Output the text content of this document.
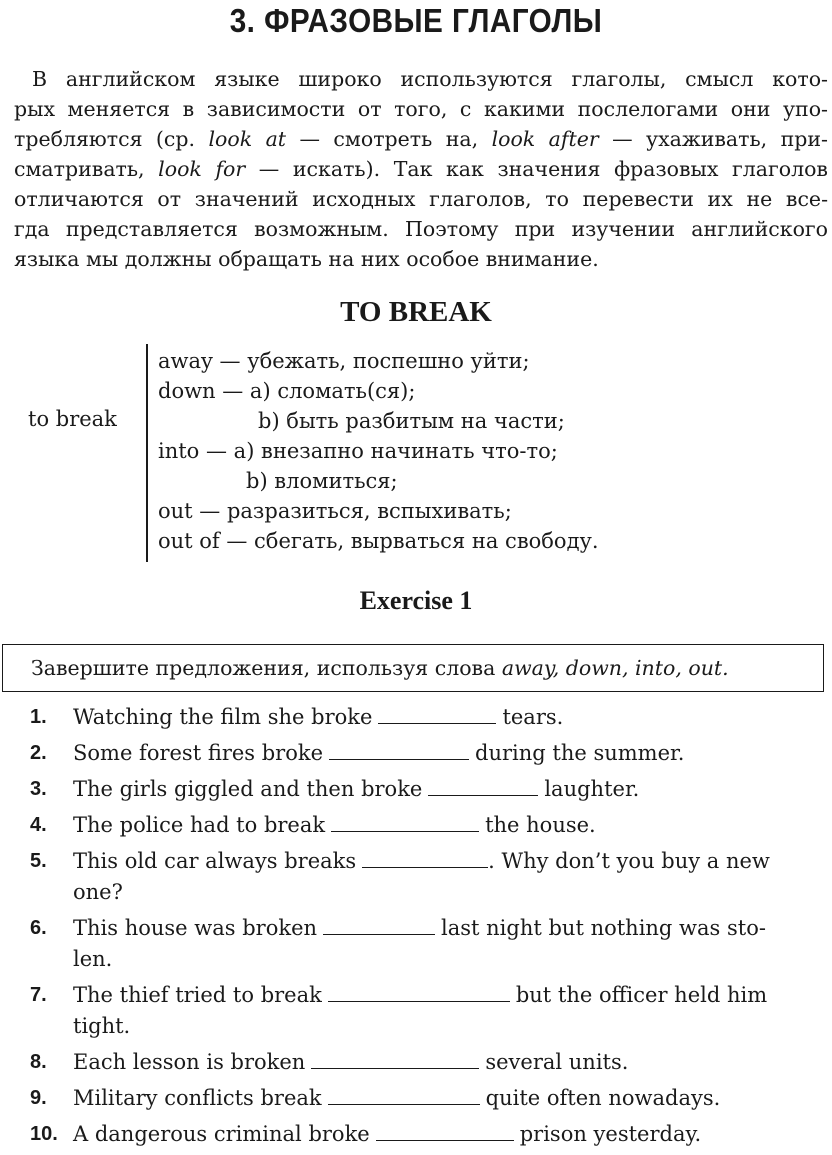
3. ФРАЗОВЫЕ ГЛАГОЛЫ
В английском языке широко используются глаголы, смысл кото-
рых меняется в зависимости от того, с какими послелогами они упо-
требляются (ср. look at — смотреть на, look after — ухаживать, при-
сматривать, look for — искать). Так как значения фразовых глаголов
отличаются от значений исходных глаголов, то перевести их не все-
гда представляется возможным. Поэтому при изучении английского
языка мы должны обращать на них особое внимание.
TO BREAK
to break
away — убежать, поспешно уйти;
down — a) сломать(ся);
b) быть разбитым на части;
into — a) внезапно начинать что-то;
b) вломиться;
out — разразиться, вспыхивать;
out of — сбегать, вырваться на свободу.
Exercise 1
Завершите предложения, используя слова away, down, into, out.
1. Watching the film she broke	tears.
2. Some forest fires broke	during the summer.
3. The girls giggled and then broke	laughter.
4. The police had to break	the house.
5. This old car always breaks	. Why don’t you buy a new
one?
6. This house was broken	last night but nothing was sto-
len.
7. The thief tried to break	but the officer held him
tight.
8. Each lesson is broken	several units.
9. Military conflicts break	quite often nowadays.
10. A dangerous criminal broke	prison yesterday.
